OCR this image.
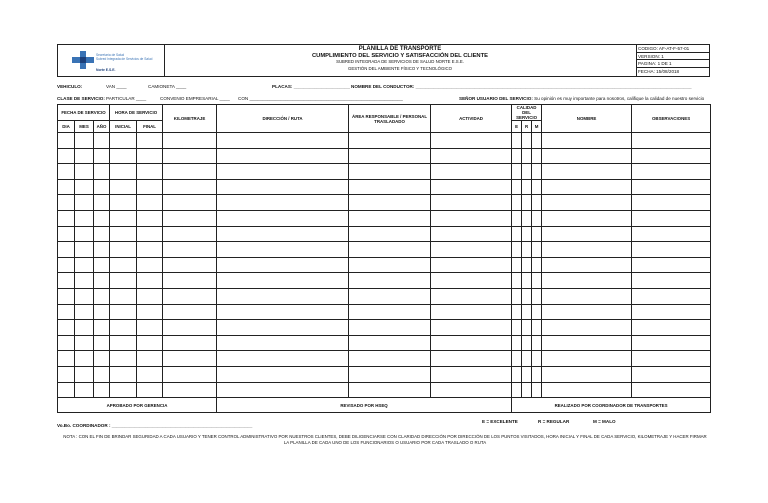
Secretaría de Salud
Subred Integrada de Servicios de Salud
Norte E.S.E.
PLANILLA DE TRANSPORTE
CUMPLIMIENTO DEL SERVICIO Y SATISFACCIÓN DEL CLIENTE
SUBRED INTEGRADA DE SERVICIOS DE SALUD NORTE E.S.E.
GESTIÓN DEL AMBIENTE FÍSICO Y TECNOLÓGICO
CODIGO: AF-AT-F-57-01
VERSION: 1
PAGINA: 1 DE 1
FECHA: 15/08/2018
VEHICULO:	VAN ____	CAMIONETA ____	PLACAS: ______________________ NOMBRE DEL CONDUCTOR: ____________________________________________________________________________________________________________
CLASE DE SERVICIO: PARTICULAR ____	CONVENIO EMPRESARIAL ____ CON ____________________________________________________________	SEÑOR USUARIO DEL SERVICIO: Su opinión es muy importante para nosotros, califique la calidad de nuestro servicio
FECHA DE SERVICIO			HORA DE SERVICIO		KILOMETRAJE	DIRECCIÓN / RUTA	ÁREA RESPONSABLE / PERSONAL TRASLADADO	ACTIVIDAD	CALIDAD DEL SERVICIO			NOMBRE	OBSERVACIONES
DIA	MES	AÑO	INICIAL	FINAL					E	R	M		

APROBADO POR GERENCIA						REVISADO POR HSEQ			REALIZADO POR COORDINADOR DE TRANSPORTES				
Vo.Bo. COORDINADOR : _______________________________________________________
E = EXCELENTE	R = REGULAR	M = MALO
NOTA : CON EL FIN DE BRINDAR SEGURIDAD A CADA USUARIO Y TENER CONTROL ADMINISTRATIVO POR NUESTROS CLIENTES, DEBE DILIGENCIARSE CON CLARIDAD DIRECCIÓN POR DIRECCIÓN DE LOS PUNTOS VISITADOS, HORA INICIAL Y FINAL DE CADA SERVICIO, KILOMETRAJE Y HACER FIRMAR LA PLANILLA DE CADA UNO DE LOS FUNCIONARIOS O USUARIO POR CADA TRASLADO O RUTA
